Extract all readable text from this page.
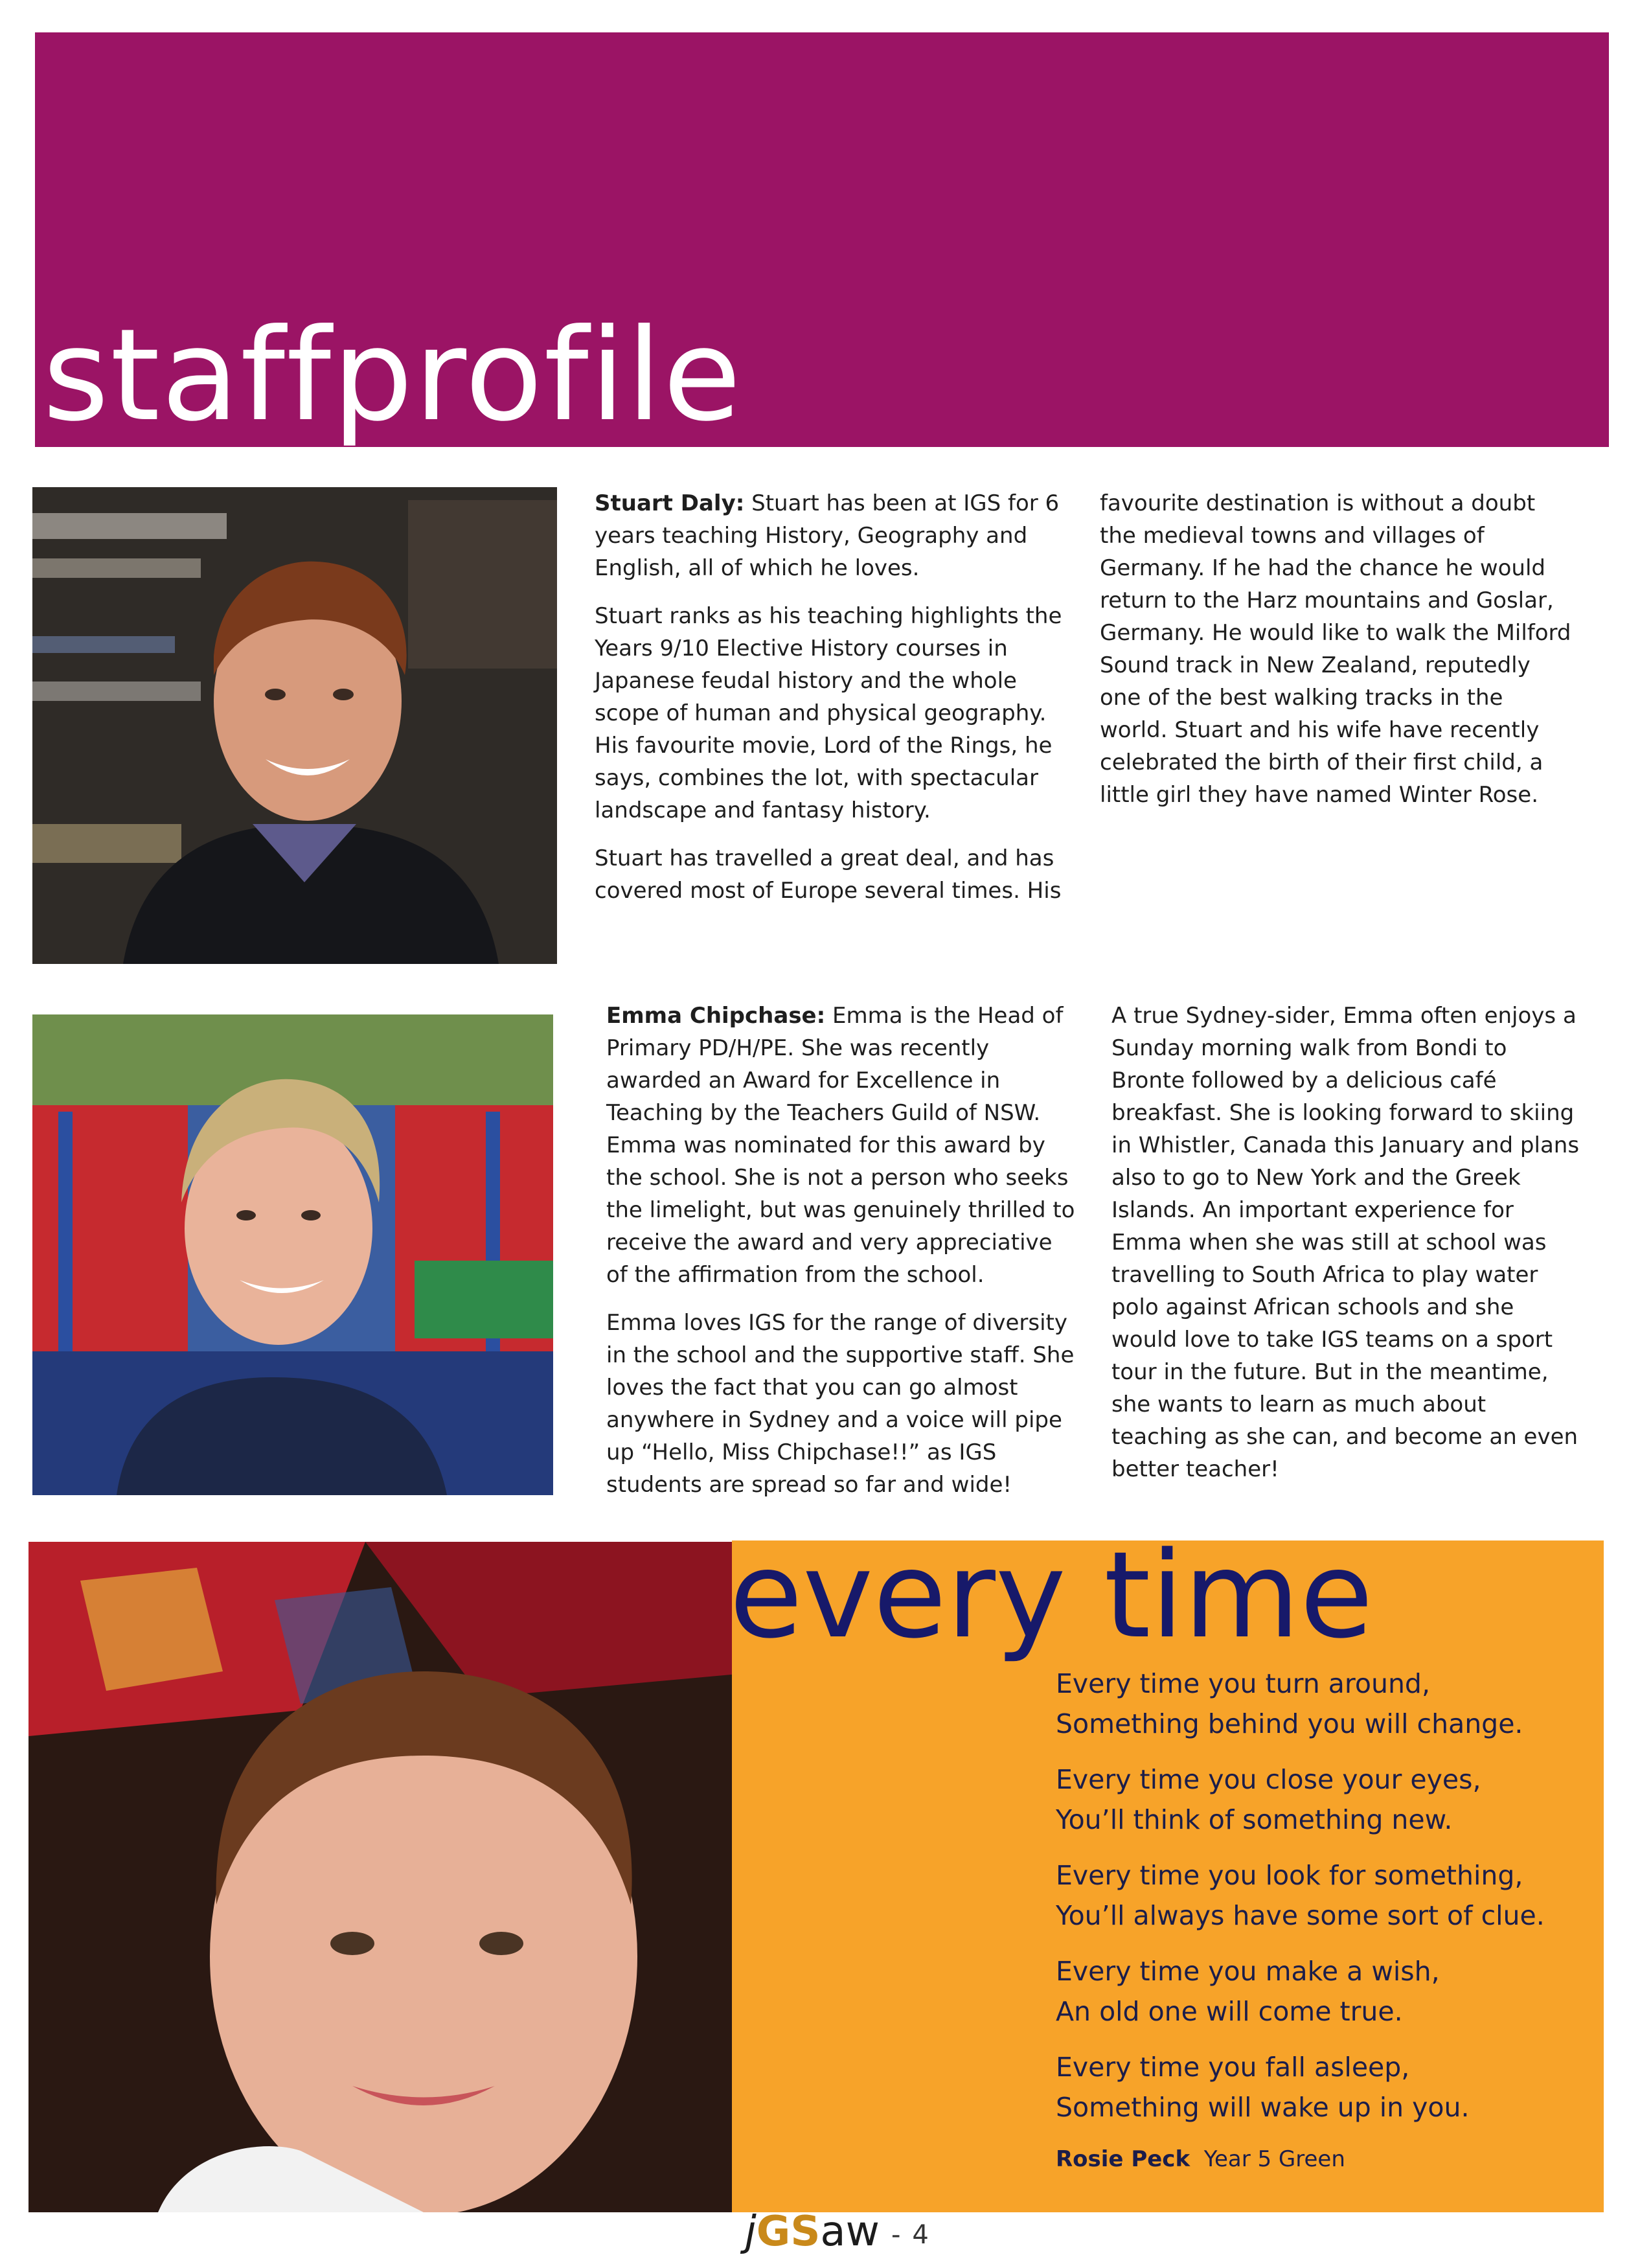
staffprofile

Stuart Daly: Stuart has been at IGS for 6 years teaching History, Geography and English, all of which he loves.

Stuart ranks as his teaching highlights the Years 9/10 Elective History courses in Japanese feudal history and the whole scope of human and physical geography. His favourite movie, Lord of the Rings, he says, combines the lot, with spectacular landscape and fantasy history.

Stuart has travelled a great deal, and has covered most of Europe several times. His

favourite destination is without a doubt the medieval towns and villages of Germany. If he had the chance he would return to the Harz mountains and Goslar, Germany. He would like to walk the Milford Sound track in New Zealand, reputedly one of the best walking tracks in the world. Stuart and his wife have recently celebrated the birth of their first child, a little girl they have named Winter Rose.

Emma Chipchase: Emma is the Head of Primary PD/H/PE. She was recently awarded an Award for Excellence in Teaching by the Teachers Guild of NSW. Emma was nominated for this award by the school. She is not a person who seeks the limelight, but was genuinely thrilled to receive the award and very appreciative of the affirmation from the school.

Emma loves IGS for the range of diversity in the school and the supportive staff. She loves the fact that you can go almost anywhere in Sydney and a voice will pipe up “Hello, Miss Chipchase!!” as IGS students are spread so far and wide!

A true Sydney-sider, Emma often enjoys a Sunday morning walk from Bondi to Bronte followed by a delicious café breakfast. She is looking forward to skiing in Whistler, Canada this January and plans also to go to New York and the Greek Islands. An important experience for Emma when she was still at school was travelling to South Africa to play water polo against African schools and she would love to take IGS teams on a sport tour in the future. But in the meantime, she wants to learn as much about teaching as she can, and become an even better teacher!

every time

Every time you turn around,
Something behind you will change.

Every time you close your eyes,
You’ll think of something new.

Every time you look for something,
You’ll always have some sort of clue.

Every time you make a wish,
An old one will come true.

Every time you fall asleep,
Something will wake up in you.

Rosie Peck Year 5 Green
jGSaw - 4
